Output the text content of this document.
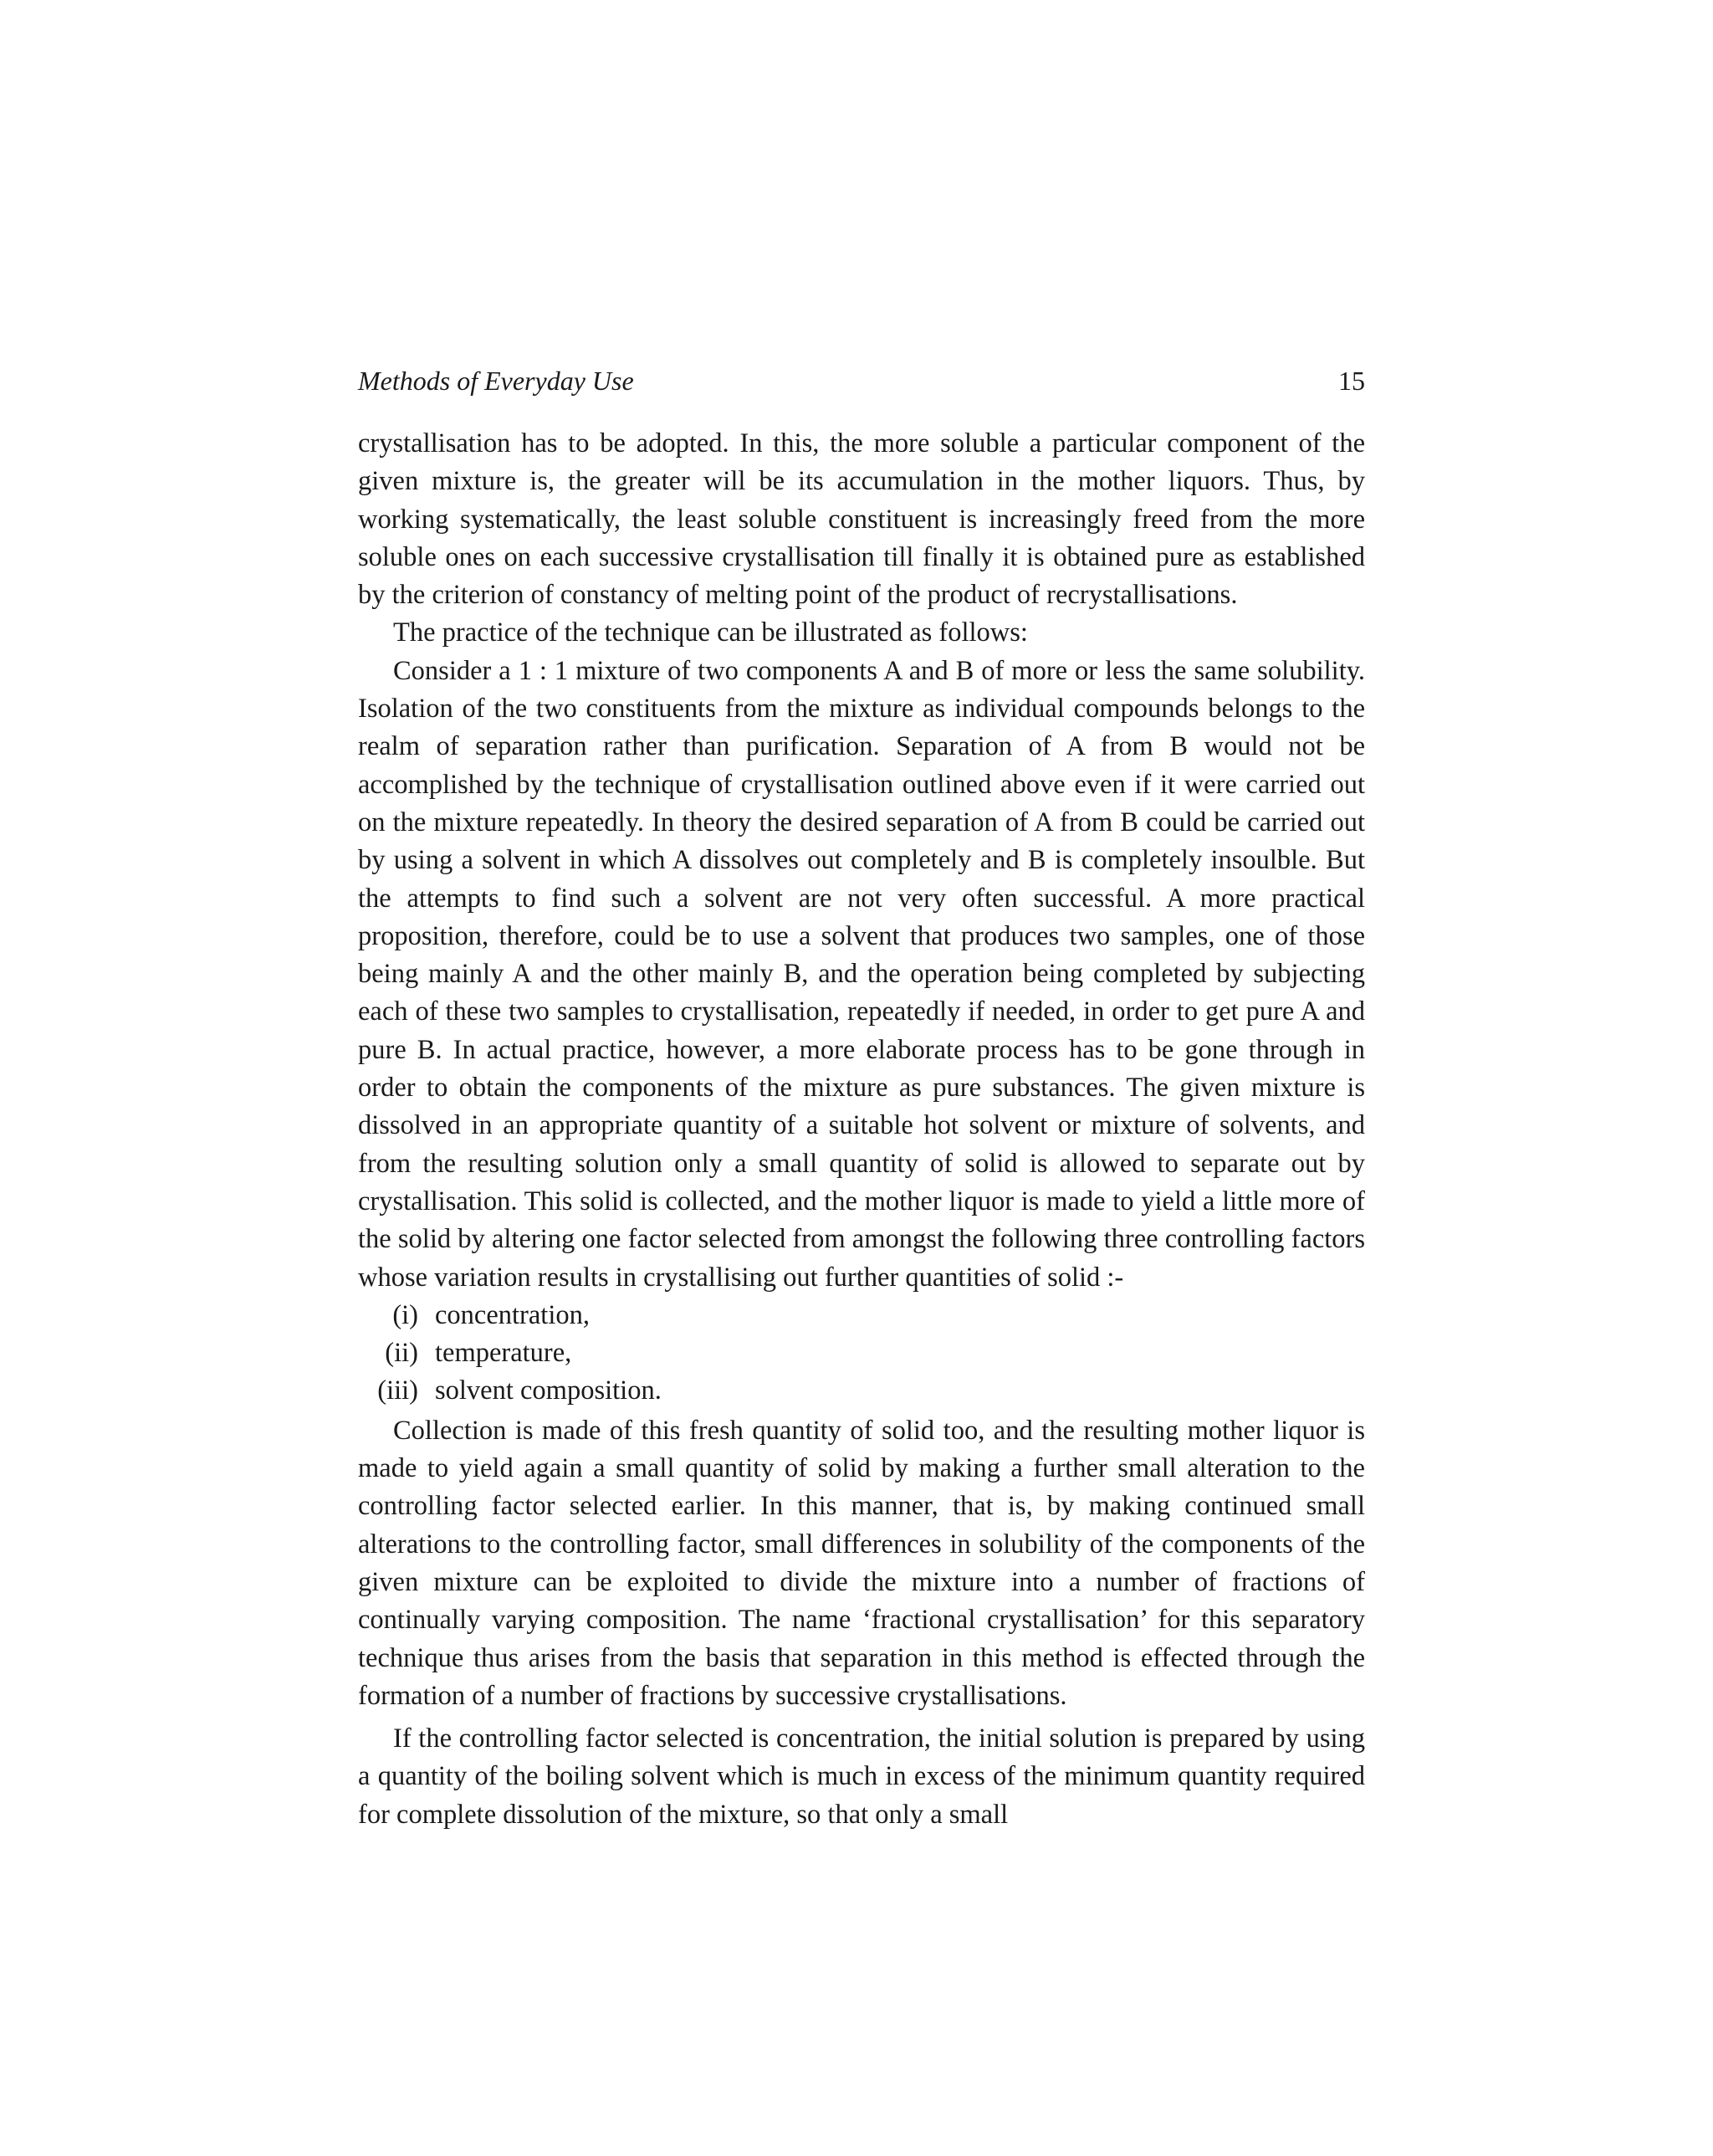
Methods of Everyday Use	15

crystallisation has to be adopted. In this, the more soluble a particular component of the given mixture is, the greater will be its accumulation in the mother liquors. Thus, by working systematically, the least soluble constituent is increasingly freed from the more soluble ones on each successive crystallisation till finally it is obtained pure as established by the criterion of constancy of melting point of the product of recrystallisations.

The practice of the technique can be illustrated as follows:

Consider a 1 : 1 mixture of two components A and B of more or less the same solubility. Isolation of the two constituents from the mixture as individual compounds belongs to the realm of separation rather than purification. Separation of A from B would not be accomplished by the technique of crystallisation outlined above even if it were carried out on the mixture repeatedly. In theory the desired separation of A from B could be carried out by using a solvent in which A dissolves out completely and B is completely insoulble. But the attempts to find such a solvent are not very often successful. A more practical proposition, therefore, could be to use a solvent that produces two samples, one of those being mainly A and the other mainly B, and the operation being completed by subjecting each of these two samples to crystallisation, repeatedly if needed, in order to get pure A and pure B. In actual practice, however, a more elaborate process has to be gone through in order to obtain the components of the mixture as pure substances. The given mixture is dissolved in an appropriate quantity of a suitable hot solvent or mixture of solvents, and from the resulting solution only a small quantity of solid is allowed to separate out by crystallisation. This solid is collected, and the mother liquor is made to yield a little more of the solid by altering one factor selected from amongst the following three controlling factors whose variation results in crystallising out further quantities of solid :-

(i) concentration,
(ii) temperature,
(iii) solvent composition.

Collection is made of this fresh quantity of solid too, and the resulting mother liquor is made to yield again a small quantity of solid by making a further small alteration to the controlling factor selected earlier. In this manner, that is, by making continued small alterations to the controlling factor, small differences in solubility of the components of the given mixture can be exploited to divide the mixture into a number of fractions of continually varying composition. The name ‘fractional crystallisation’ for this separatory technique thus arises from the basis that separation in this method is effected through the formation of a number of fractions by successive crystallisations.

If the controlling factor selected is concentration, the initial solution is prepared by using a quantity of the boiling solvent which is much in excess of the minimum quantity required for complete dissolution of the mixture, so that only a small
